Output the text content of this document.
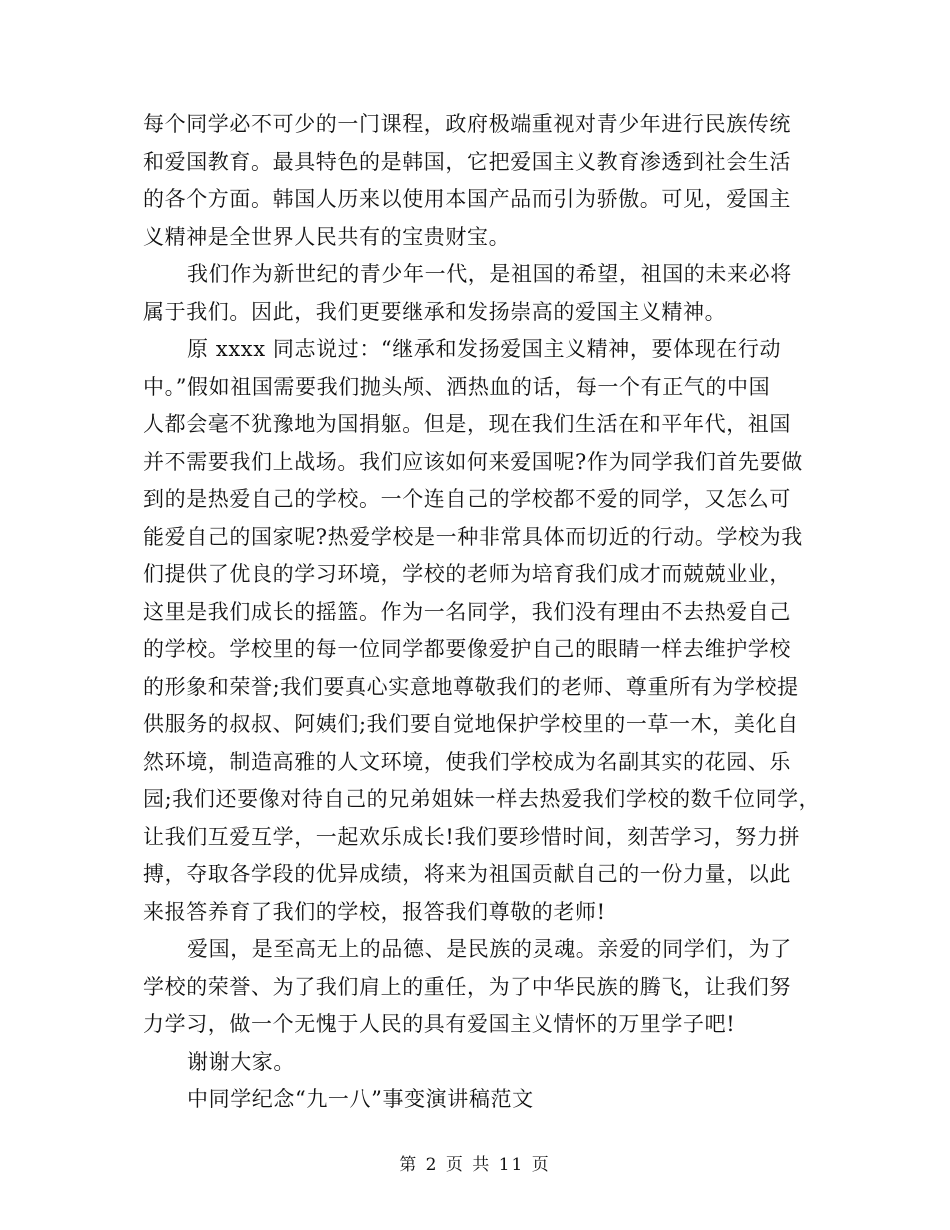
每个同学必不可少的一门课程，政府极端重视对青少年进行民族传统
和爱国教育。最具特色的是韩国，它把爱国主义教育渗透到社会生活
的各个方面。韩国人历来以使用本国产品而引为骄傲。可见，爱国主
义精神是全世界人民共有的宝贵财宝。
我们作为新世纪的青少年一代，是祖国的希望，祖国的未来必将
属于我们。因此，我们更要继承和发扬崇高的爱国主义精神。
原 xxxx 同志说过：“继承和发扬爱国主义精神，要体现在行动
中。”假如祖国需要我们抛头颅、洒热血的话，每一个有正气的中国
人都会毫不犹豫地为国捐躯。但是，现在我们生活在和平年代，祖国
并不需要我们上战场。我们应该如何来爱国呢?作为同学我们首先要做
到的是热爱自己的学校。一个连自己的学校都不爱的同学，又怎么可
能爱自己的国家呢?热爱学校是一种非常具体而切近的行动。学校为我
们提供了优良的学习环境，学校的老师为培育我们成才而兢兢业业，
这里是我们成长的摇篮。作为一名同学，我们没有理由不去热爱自己
的学校。学校里的每一位同学都要像爱护自己的眼睛一样去维护学校
的形象和荣誉;我们要真心实意地尊敬我们的老师、尊重所有为学校提
供服务的叔叔、阿姨们;我们要自觉地保护学校里的一草一木，美化自
然环境，制造高雅的人文环境，使我们学校成为名副其实的花园、乐
园;我们还要像对待自己的兄弟姐妹一样去热爱我们学校的数千位同学，
让我们互爱互学，一起欢乐成长!我们要珍惜时间，刻苦学习，努力拼
搏，夺取各学段的优异成绩，将来为祖国贡献自己的一份力量，以此
来报答养育了我们的学校，报答我们尊敬的老师!
爱国，是至高无上的品德、是民族的灵魂。亲爱的同学们，为了
学校的荣誉、为了我们肩上的重任，为了中华民族的腾飞，让我们努
力学习，做一个无愧于人民的具有爱国主义情怀的万里学子吧!
谢谢大家。
中同学纪念“九一八”事变演讲稿范文
第 2 页 共 11 页
